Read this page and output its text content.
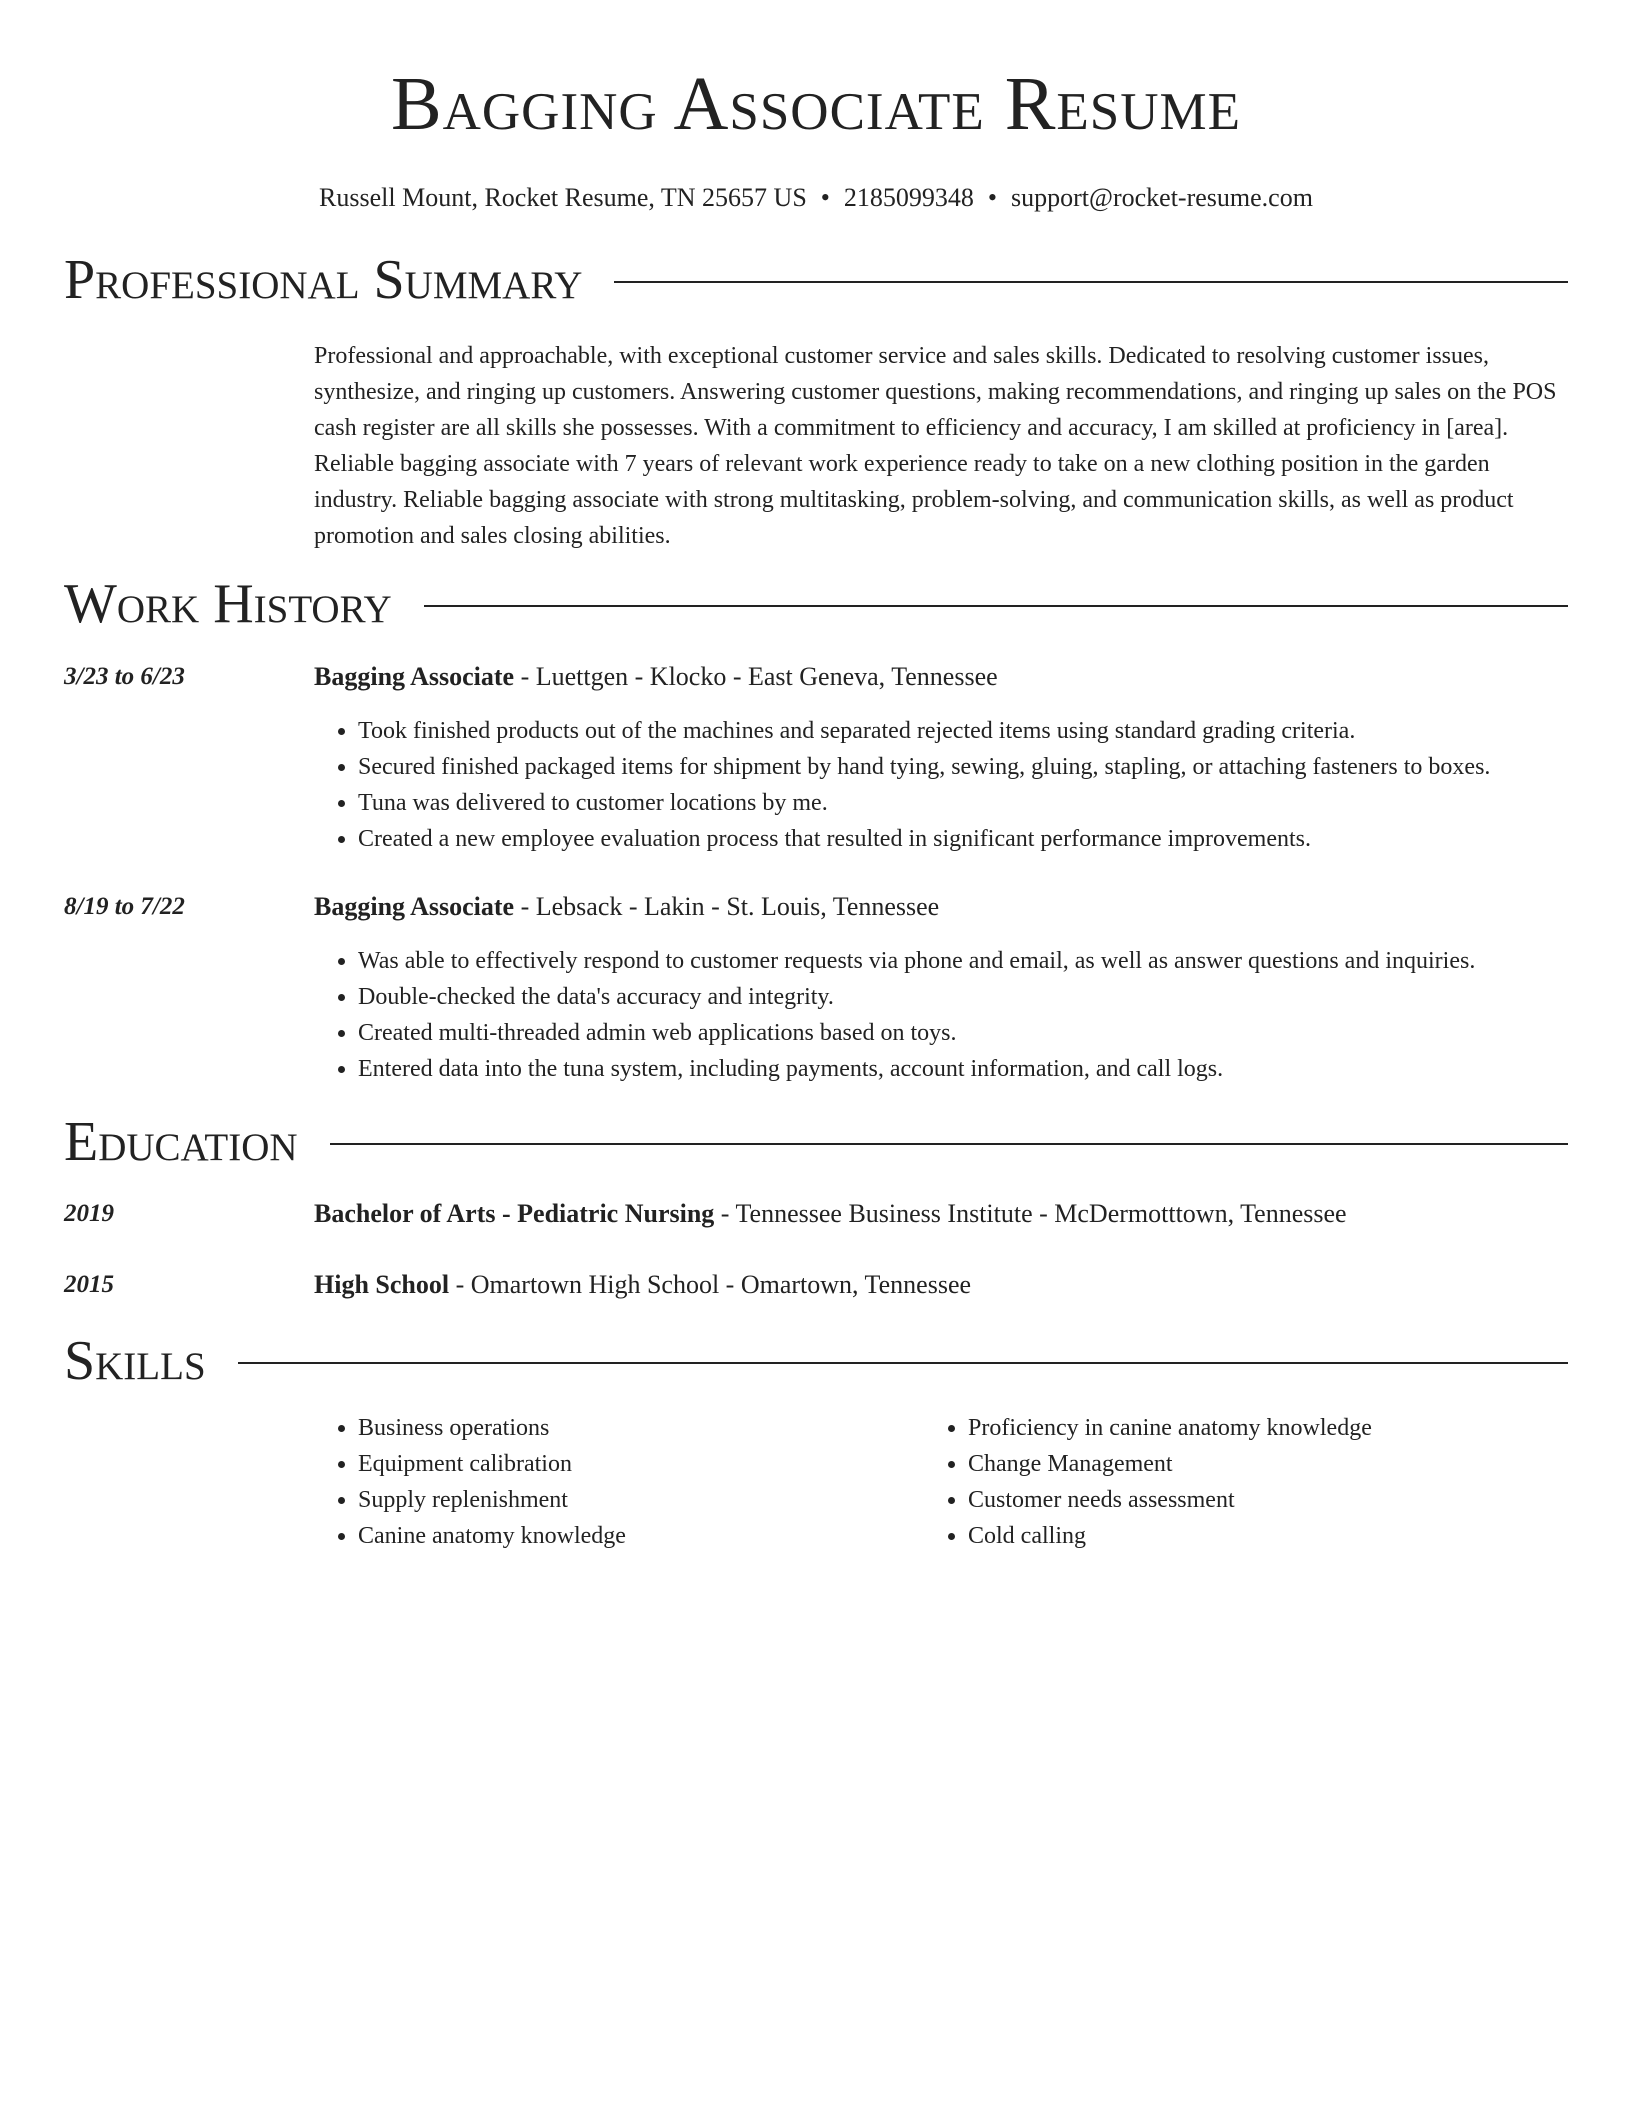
Bagging Associate Resume
Russell Mount, Rocket Resume, TN 25657 US • 2185099348 • support@rocket-resume.com
Professional Summary

Professional and approachable, with exceptional customer service and sales skills. Dedicated to resolving customer issues, synthesize, and ringing up customers. Answering customer questions, making recommendations, and ringing up sales on the POS cash register are all skills she possesses. With a commitment to efficiency and accuracy, I am skilled at proficiency in [area]. Reliable bagging associate with 7 years of relevant work experience ready to take on a new clothing position in the garden industry. Reliable bagging associate with strong multitasking, problem-solving, and communication skills, as well as product promotion and sales closing abilities.

Work History
3/23 to 6/23	Bagging Associate - Luettgen - Klocko - East Geneva, Tennessee
• Took finished products out of the machines and separated rejected items using standard grading criteria.
• Secured finished packaged items for shipment by hand tying, sewing, gluing, stapling, or attaching fasteners to boxes.
• Tuna was delivered to customer locations by me.
• Created a new employee evaluation process that resulted in significant performance improvements.
8/19 to 7/22	Bagging Associate - Lebsack - Lakin - St. Louis, Tennessee
• Was able to effectively respond to customer requests via phone and email, as well as answer questions and inquiries.
• Double-checked the data's accuracy and integrity.
• Created multi-threaded admin web applications based on toys.
• Entered data into the tuna system, including payments, account information, and call logs.
Education
2019	Bachelor of Arts - Pediatric Nursing - Tennessee Business Institute - McDermotttown, Tennessee
2015	High School - Omartown High School - Omartown, Tennessee
Skills
• Business operations
• Equipment calibration
• Supply replenishment
• Canine anatomy knowledge
• Proficiency in canine anatomy knowledge
• Change Management
• Customer needs assessment
• Cold calling
